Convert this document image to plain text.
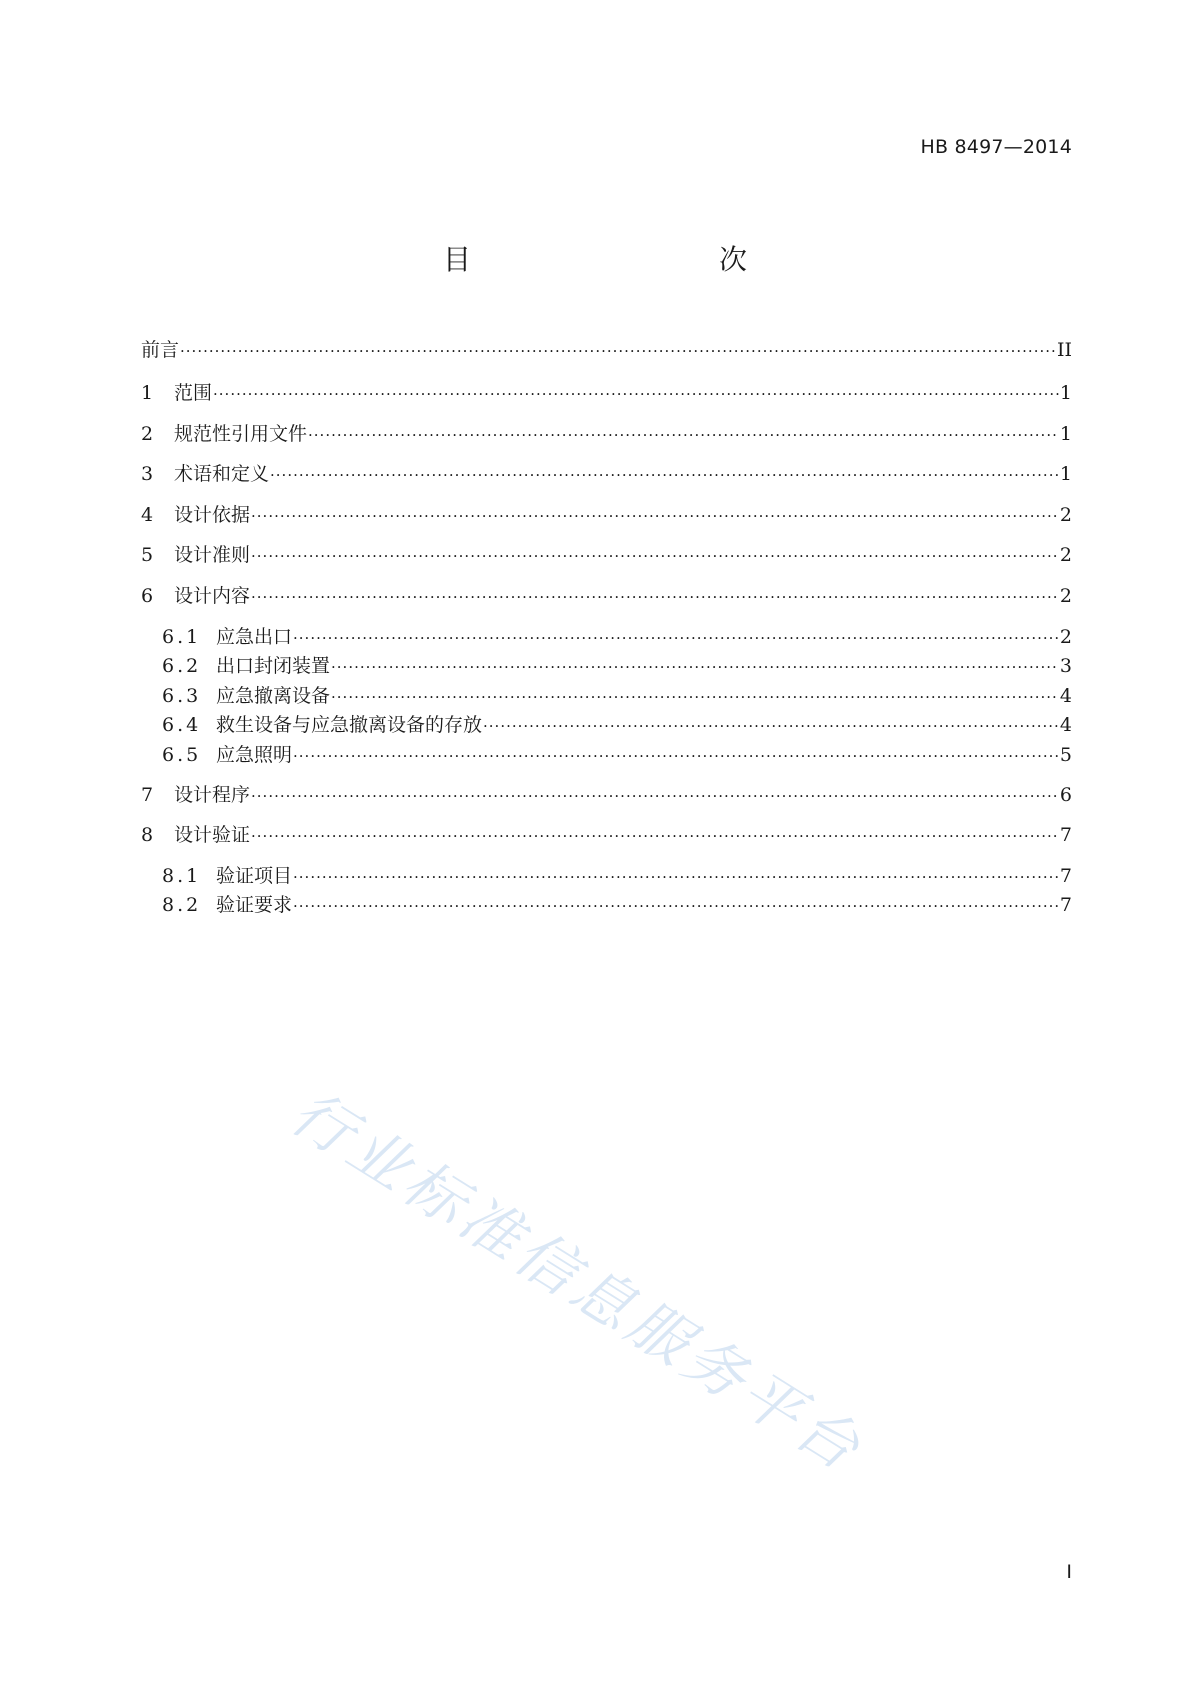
HB 8497—2014
目　　次
前言 ·····	II
1	范围 ·····	1
2	规范性引用文件 ·····	1
3	术语和定义 ·····	1
4	设计依据 ·····	2
5	设计准则 ·····	2
6	设计内容 ·····	2
6.1 应急出口 ·····	2
6.2 出口封闭装置 ·····	3
6.3 应急撤离设备 ·····	4
6.4 救生设备与应急撤离设备的存放 ·····	4
6.5 应急照明 ·····	5
7	设计程序 ·····	6
8	设计验证 ·····	7
8.1 验证项目 ·····	7
8.2 验证要求 ·····	7
行业标准信息服务平台
I
